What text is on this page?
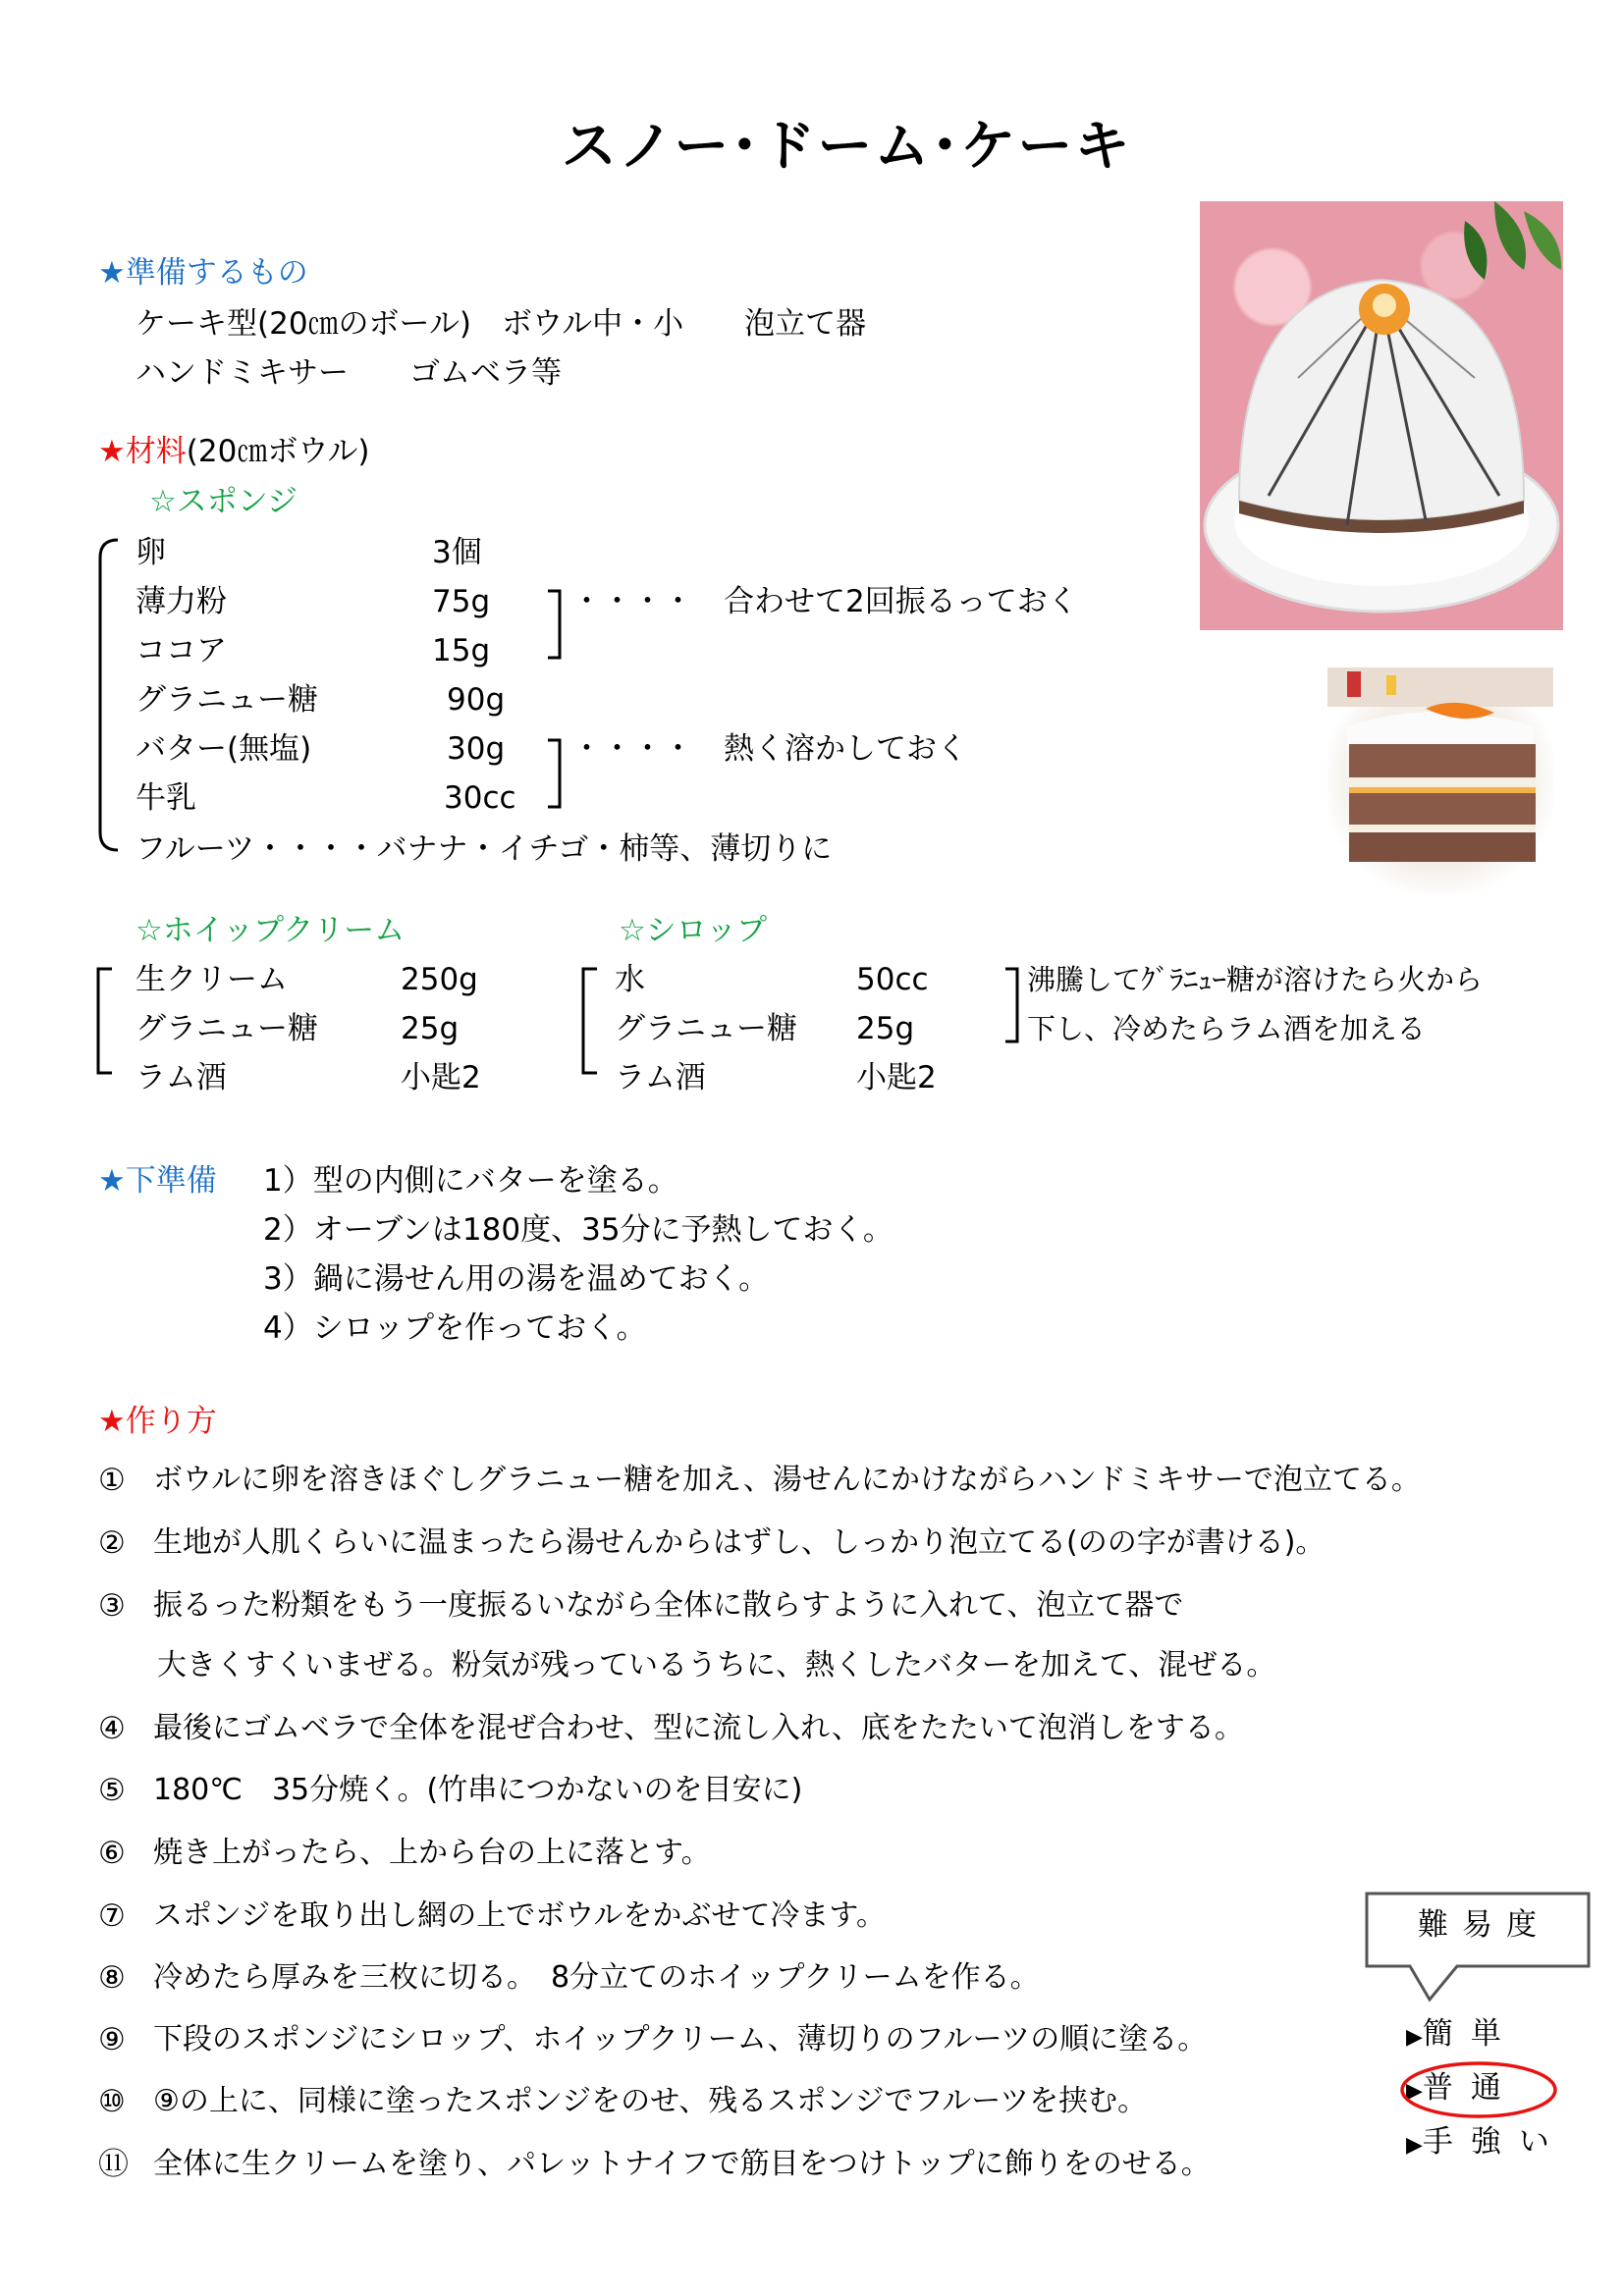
スノー･ドーム･ケーキ
★準備するもの
ケーキ型(20㎝のボール)　ボウル中・小　　泡立て器
ハンドミキサー　　ゴムベラ等
★材料(20㎝ボウル)
☆スポンジ
卵	3個
薄力粉	75g
ココア	15g
グラニュー糖	90g
バター(無塩)	30g
牛乳	30cc
・・・・　合わせて2回振るっておく
・・・・　熱く溶かしておく
フルーツ・・・・バナナ・イチゴ・柿等、薄切りに
☆ホイップクリーム	☆シロップ
生クリーム	250g
グラニュー糖	25g
ラム酒	小匙2
水	50cc
グラニュー糖 25g
ラム酒	小匙2
沸騰してｸﾞﾗﾆｭｰ糖が溶けたら火から
下し、冷めたらラム酒を加える
★下準備 1）型の内側にバターを塗る。
2）オーブンは180度、35分に予熱しておく。
3）鍋に湯せん用の湯を温めておく。
4）シロップを作っておく。
★作り方
① ボウルに卵を溶きほぐしグラニュー糖を加え、湯せんにかけながらハンドミキサーで泡立てる。
② 生地が人肌くらいに温まったら湯せんからはずし、しっかり泡立てる(のの字が書ける)。
③ 振るった粉類をもう一度振るいながら全体に散らすように入れて、泡立て器で
大きくすくいまぜる。粉気が残っているうちに、熱くしたバターを加えて、混ぜる。
④ 最後にゴムベラで全体を混ぜ合わせ、型に流し入れ、底をたたいて泡消しをする。
⑤ 180℃　35分焼く。(竹串につかないのを目安に)
⑥ 焼き上がったら、上から台の上に落とす。
⑦ スポンジを取り出し網の上でボウルをかぶせて冷ます。
⑧ 冷めたら厚みを三枚に切る。　8分立てのホイップクリームを作る。
⑨ 下段のスポンジにシロップ、ホイップクリーム、薄切りのフルーツの順に塗る。
⑩ ⑨の上に、同様に塗ったスポンジをのせ、残るスポンジでフルーツを挟む。
⑪ 全体に生クリームを塗り、パレットナイフで筋目をつけトップに飾りをのせる。
難易度
▶簡単
▶普通
▶手強い
